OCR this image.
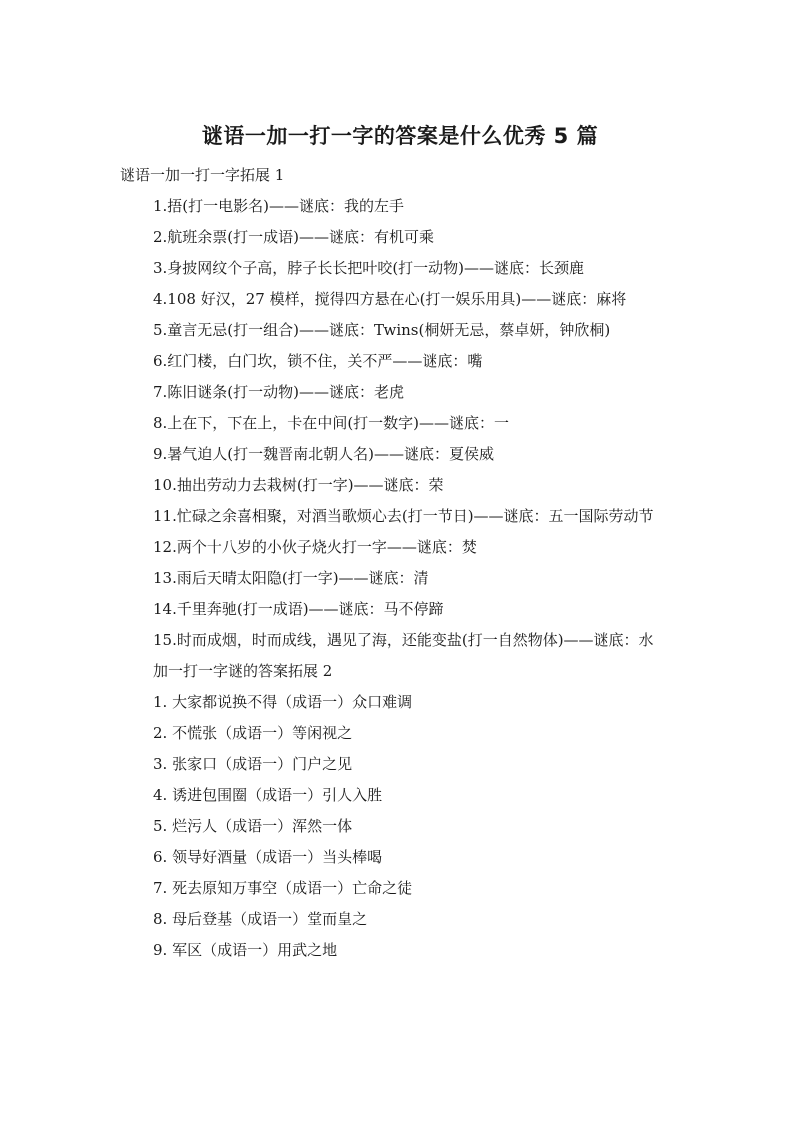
谜语一加一打一字的答案是什么优秀 5 篇

谜语一加一打一字拓展 1

1.捂(打一电影名)——谜底：我的左手

2.航班余票(打一成语)——谜底：有机可乘

3.身披网纹个子高，脖子长长把叶咬(打一动物)——谜底：长颈鹿

4.108 好汉，27 模样，搅得四方悬在心(打一娱乐用具)——谜底：麻将

5.童言无忌(打一组合)——谜底：Twins(桐妍无忌，蔡卓妍，钟欣桐)

6.红门楼，白门坎，锁不住，关不严——谜底：嘴

7.陈旧谜条(打一动物)——谜底：老虎

8.上在下，下在上，卡在中间(打一数字)——谜底：一

9.暑气迫人(打一魏晋南北朝人名)——谜底：夏侯威

10.抽出劳动力去栽树(打一字)——谜底：荣

11.忙碌之余喜相聚，对酒当歌烦心去(打一节日)——谜底：五一国际劳动节

12.两个十八岁的小伙子烧火打一字——谜底：焚

13.雨后天晴太阳隐(打一字)——谜底：清

14.千里奔驰(打一成语)——谜底：马不停蹄

15.时而成烟，时而成线，遇见了海，还能变盐(打一自然物体)——谜底：水

加一打一字谜的答案拓展 2

1. 大家都说换不得（成语一）众口难调

2. 不慌张（成语一）等闲视之

3. 张家口（成语一）门户之见

4. 诱进包围圈（成语一）引人入胜

5. 烂污人（成语一）浑然一体

6. 领导好酒量（成语一）当头棒喝

7. 死去原知万事空（成语一）亡命之徒

8. 母后登基（成语一）堂而皇之

9. 军区（成语一）用武之地
